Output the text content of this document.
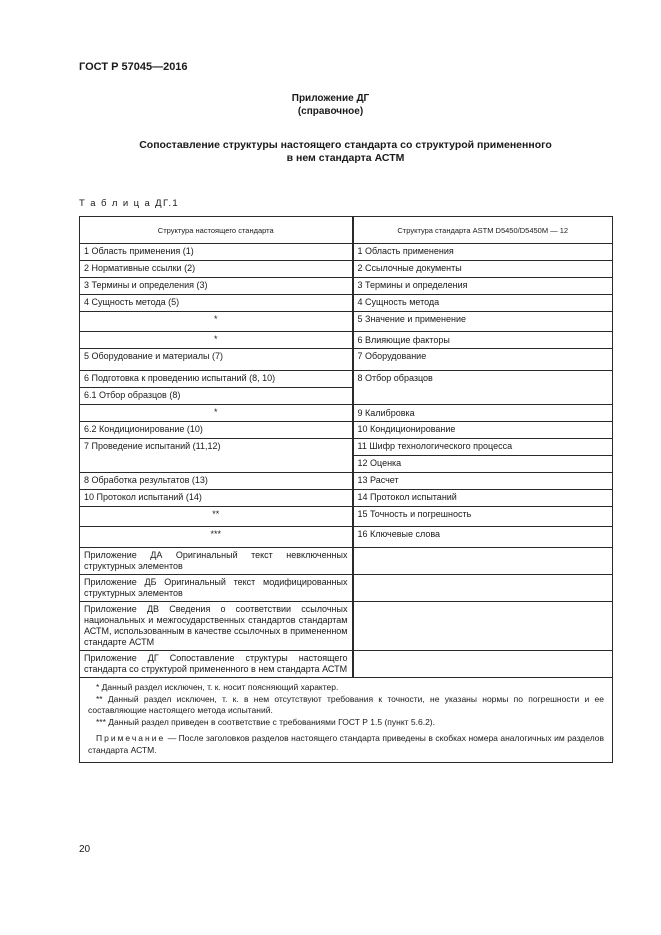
ГОСТ Р 57045—2016
Приложение ДГ
(справочное)
Сопоставление структуры настоящего стандарта со структурой примененного
в нем стандарта АСТМ
Т а б л и ц а ДГ.1
Структура настоящего стандарта	Структура стандарта ASTM D5450/D5450M — 12
1 Область применения (1)	1 Область применения
2 Нормативные ссылки (2)	2 Ссылочные документы
3 Термины и определения (3)	3 Термины и определения
4 Сущность метода (5)	4 Сущность метода
*	5 Значение и применение
*	6 Влияющие факторы
5 Оборудование и материалы (7)	7 Оборудование
6 Подготовка к проведению испытаний (8, 10)	8 Отбор образцов
6.1 Отбор образцов (8)	
*	9 Калибровка
6.2 Кондиционирование (10)	10 Кондиционирование
7 Проведение испытаний (11,12)	11 Шифр технологического процесса
	12 Оценка
8 Обработка результатов (13)	13 Расчет
10 Протокол испытаний (14)	14 Протокол испытаний
**	15 Точность и погрешность
***	16 Ключевые слова
Приложение ДА Оригинальный текст невключенных структурных элементов	
Приложение ДБ Оригинальный текст модифицированных структурных элементов	
Приложение ДВ Сведения о соответствии ссылочных национальных и межгосударственных стандартов стандартам АСТМ, использованным в качестве ссылочных в примененном стандарте АСТМ	
Приложение ДГ Сопоставление структуры настоящего стандарта со структурой примененного в нем стандарта АСТМ	

* Данный раздел исключен, т. к. носит поясняющий характер.

** Данный раздел исключен, т. к. в нем отсутствуют требования к точности, не указаны нормы по погрешности и ее составляющие настоящего метода испытаний.

*** Данный раздел приведен в соответствие с требованиями ГОСТ Р 1.5 (пункт 5.6.2).

Примечание — После заголовков разделов настоящего стандарта приведены в скобках номера аналогичных им разделов стандарта АСТМ.	

20
